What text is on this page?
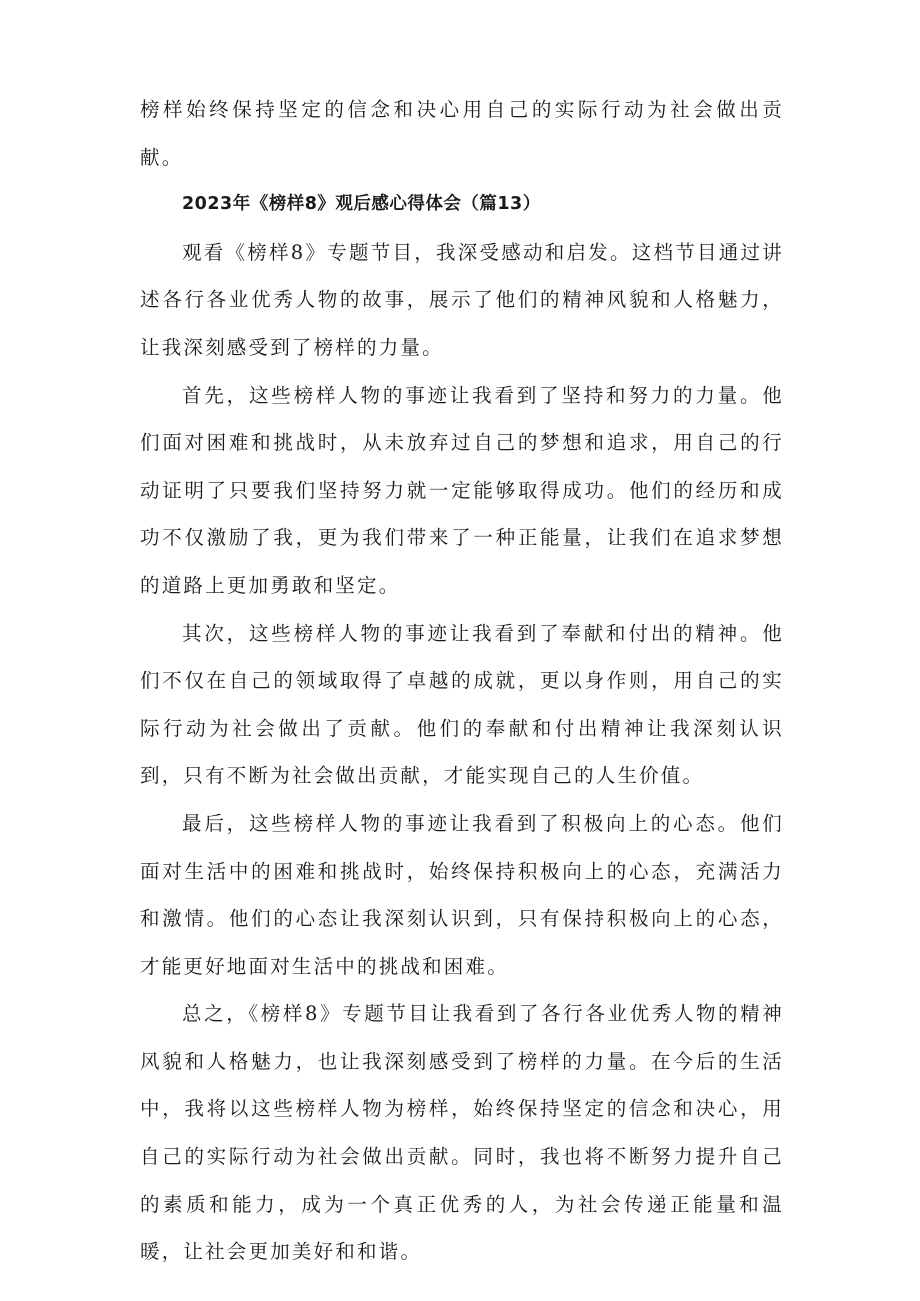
榜样始终保持坚定的信念和决心用自己的实际行动为社会做出贡献。

2023年《榜样8》观后感心得体会（篇13）

观看《榜样8》专题节目，我深受感动和启发。这档节目通过讲述各行各业优秀人物的故事，展示了他们的精神风貌和人格魅力，让我深刻感受到了榜样的力量。

首先，这些榜样人物的事迹让我看到了坚持和努力的力量。他们面对困难和挑战时，从未放弃过自己的梦想和追求，用自己的行动证明了只要我们坚持努力就一定能够取得成功。他们的经历和成功不仅激励了我，更为我们带来了一种正能量，让我们在追求梦想的道路上更加勇敢和坚定。

其次，这些榜样人物的事迹让我看到了奉献和付出的精神。他们不仅在自己的领域取得了卓越的成就，更以身作则，用自己的实际行动为社会做出了贡献。他们的奉献和付出精神让我深刻认识到，只有不断为社会做出贡献，才能实现自己的人生价值。

最后，这些榜样人物的事迹让我看到了积极向上的心态。他们面对生活中的困难和挑战时，始终保持积极向上的心态，充满活力和激情。他们的心态让我深刻认识到，只有保持积极向上的心态，才能更好地面对生活中的挑战和困难。

总之，《榜样8》专题节目让我看到了各行各业优秀人物的精神风貌和人格魅力，也让我深刻感受到了榜样的力量。在今后的生活中，我将以这些榜样人物为榜样，始终保持坚定的信念和决心，用自己的实际行动为社会做出贡献。同时，我也将不断努力提升自己的素质和能力，成为一个真正优秀的人，为社会传递正能量和温暖，让社会更加美好和和谐。
